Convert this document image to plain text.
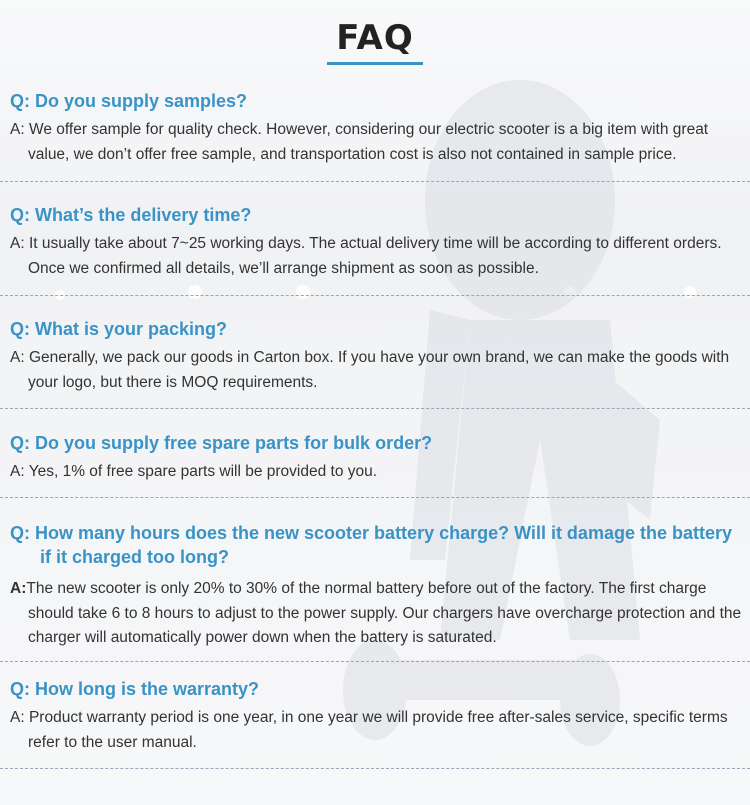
FAQ
Q: Do you supply samples?
A: We offer sample for quality check. However, considering our electric scooter is a big item with great value, we don’t offer free sample, and transportation cost is also not contained in sample price.
Q: What’s the delivery time?
A: It usually take about 7~25 working days. The actual delivery time will be according to different orders. Once we confirmed all details, we’ll arrange shipment as soon as possible.
Q: What is your packing?
A: Generally, we pack our goods in Carton box. If you have your own brand, we can make the goods with your logo, but there is MOQ requirements.
Q: Do you supply free spare parts for bulk order?
A: Yes, 1% of free spare parts will be provided to you.
Q: How many hours does the new scooter battery charge? Will it damage the battery if it charged too long?
A:The new scooter is only 20% to 30% of the normal battery before out of the factory. The first charge should take 6 to 8 hours to adjust to the power supply. Our chargers have overcharge protection and the charger will automatically power down when the battery is saturated.
Q: How long is the warranty?
A: Product warranty period is one year, in one year we will provide free after-sales service, specific terms refer to the user manual.
